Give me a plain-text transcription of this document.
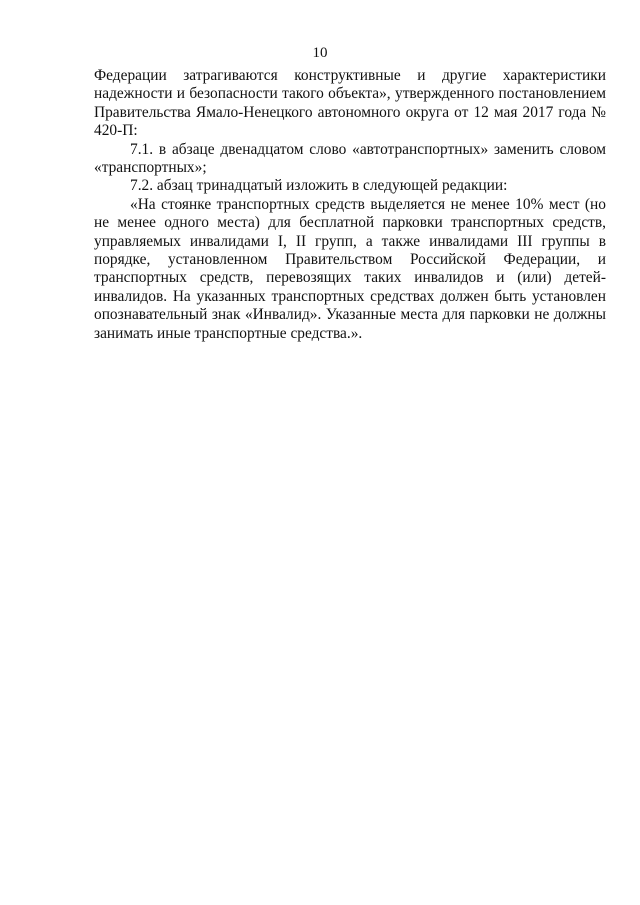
10

Федерации затрагиваются конструктивные и другие характеристики надежности и безопасности такого объекта», утвержденного постановлением Правительства Ямало-Ненецкого автономного округа от 12 мая 2017 года № 420-П:

7.1. в абзаце двенадцатом слово «автотранспортных» заменить словом «транспортных»;

7.2. абзац тринадцатый изложить в следующей редакции:

«На стоянке транспортных средств выделяется не менее 10% мест (но не менее одного места) для бесплатной парковки транспортных средств, управляемых инвалидами I, II групп, а также инвалидами III группы в порядке, установленном Правительством Российской Федерации, и транспортных средств, перевозящих таких инвалидов и (или) детей-инвалидов. На указанных транспортных средствах должен быть установлен опознавательный знак «Инвалид». Указанные места для парковки не должны занимать иные транспортные средства.».
